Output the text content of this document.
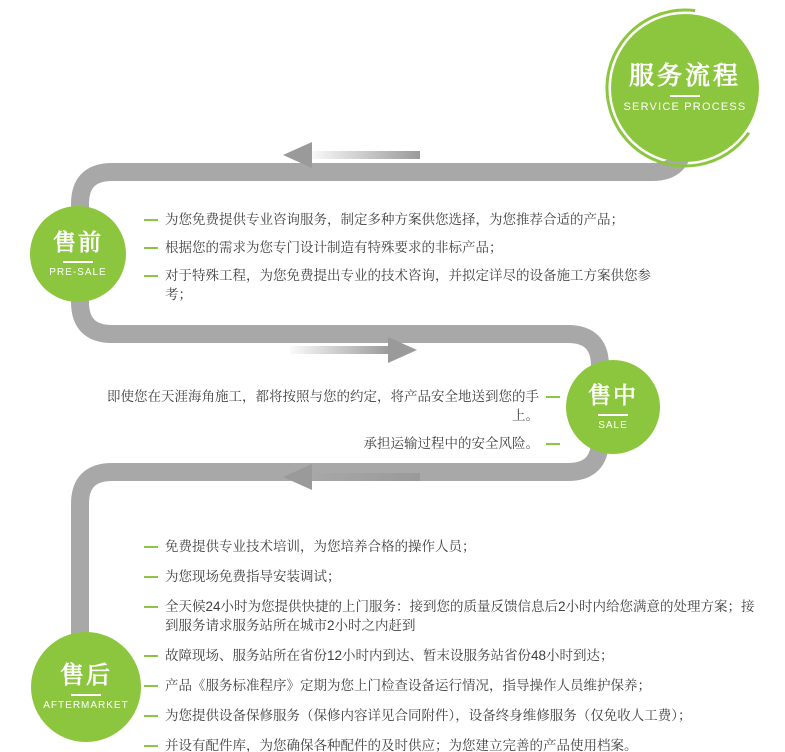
服务流程
SERVICE PROCESS
售前
PRE-SALE
售中
SALE
售后
AFTERMARKET
为您免费提供专业咨询服务，制定多种方案供您选择，为您推荐合适的产品；
根据您的需求为您专门设计制造有特殊要求的非标产品；
对于特殊工程，为您免费提出专业的技术咨询，并拟定详尽的设备施工方案供您参考；
即使您在天涯海角施工，都将按照与您的约定，将产品安全地送到您的手上。
承担运输过程中的安全风险。
免费提供专业技术培训，为您培养合格的操作人员；
为您现场免费指导安装调试；
全天候24小时为您提供快捷的上门服务：接到您的质量反馈信息后2小时内给您满意的处理方案；接到服务请求服务站所在城市2小时之内赶到
故障现场、服务站所在省份12小时内到达、暂末设服务站省份48小时到达；
产品《服务标准程序》定期为您上门检查设备运行情况，指导操作人员维护保养；
为您提供设备保修服务（保修内容详见合同附件），设备终身维修服务（仅免收人工费）；
并设有配件库，为您确保各种配件的及时供应；为您建立完善的产品使用档案。
